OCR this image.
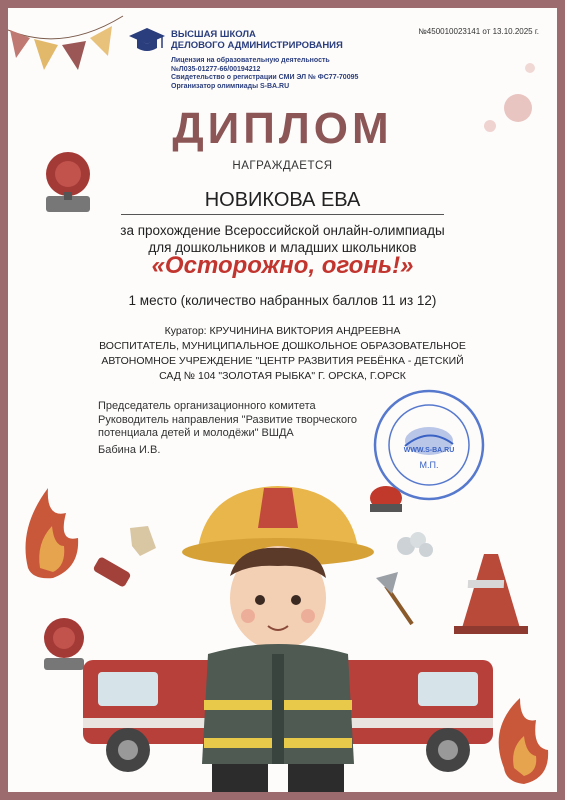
ВЫСШАЯ ШКОЛА
ДЕЛОВОГО АДМИНИСТРИРОВАНИЯ
Лицензия на образовательную деятельность
№Л035-01277-66/00194212
Свидетельство о регистрации СМИ ЭЛ № ФС77-70095
Организатор олимпиады S-BA.RU
№450010023141 от 13.10.2025 г.
ДИПЛОМ
НАГРАЖДАЕТСЯ
НОВИКОВА ЕВА
за прохождение Всероссийской онлайн-олимпиады
для дошкольников и младших школьников
«Осторожно, огонь!»
1 место (количество набранных баллов 11 из 12)
Куратор: КРУЧИНИНА ВИКТОРИЯ АНДРЕЕВНА
ВОСПИТАТЕЛЬ, МУНИЦИПАЛЬНОЕ ДОШКОЛЬНОЕ ОБРАЗОВАТЕЛЬНОЕ
АВТОНОМНОЕ УЧРЕЖДЕНИЕ "ЦЕНТР РАЗВИТИЯ РЕБЁНКА - ДЕТСКИЙ
САД № 104 "ЗОЛОТАЯ РЫБКА" Г. ОРСКА, Г.ОРСК
Председатель организационного комитета
Руководитель направления "Развитие творческого
потенциала детей и молодёжи" ВШДА
Бабина И.В.
М.П.
WWW.S-BA.RU
